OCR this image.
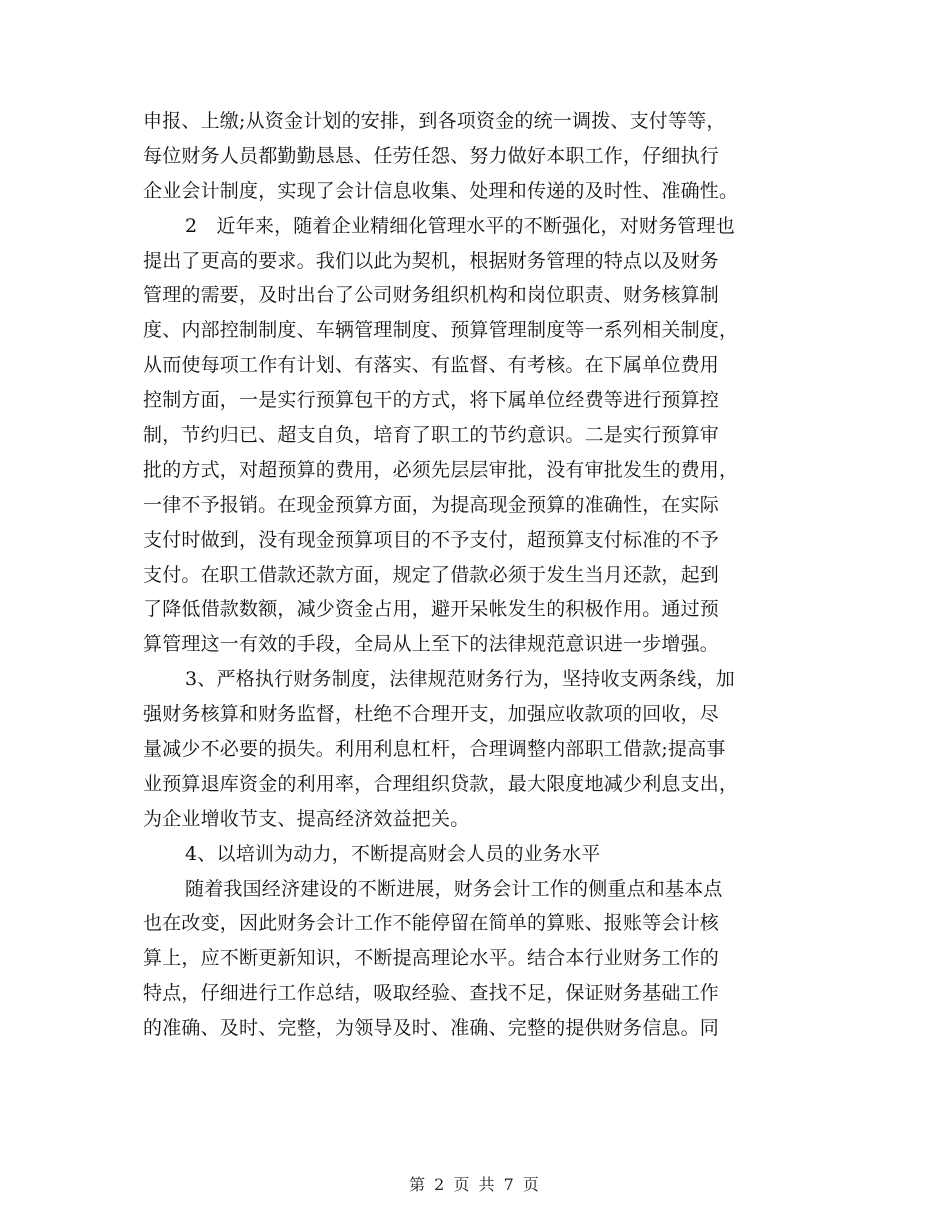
申报、上缴;从资金计划的安排，到各项资金的统一调拨、支付等等，
每位财务人员都勤勤恳恳、任劳任怨、努力做好本职工作，仔细执行
企业会计制度，实现了会计信息收集、处理和传递的及时性、准确性。
2　近年来，随着企业精细化管理水平的不断强化，对财务管理也
提出了更高的要求。我们以此为契机，根据财务管理的特点以及财务
管理的需要，及时出台了公司财务组织机构和岗位职责、财务核算制
度、内部控制制度、车辆管理制度、预算管理制度等一系列相关制度，
从而使每项工作有计划、有落实、有监督、有考核。在下属单位费用
控制方面，一是实行预算包干的方式，将下属单位经费等进行预算控
制，节约归已、超支自负，培育了职工的节约意识。二是实行预算审
批的方式，对超预算的费用，必须先层层审批，没有审批发生的费用，
一律不予报销。在现金预算方面，为提高现金预算的准确性，在实际
支付时做到，没有现金预算项目的不予支付，超预算支付标准的不予
支付。在职工借款还款方面，规定了借款必须于发生当月还款，起到
了降低借款数额，减少资金占用，避开呆帐发生的积极作用。通过预
算管理这一有效的手段，全局从上至下的法律规范意识进一步增强。
3、严格执行财务制度，法律规范财务行为，坚持收支两条线，加
强财务核算和财务监督，杜绝不合理开支，加强应收款项的回收，尽
量减少不必要的损失。利用利息杠杆，合理调整内部职工借款;提高事
业预算退库资金的利用率，合理组织贷款，最大限度地减少利息支出，
为企业增收节支、提高经济效益把关。
4、以培训为动力，不断提高财会人员的业务水平
随着我国经济建设的不断进展，财务会计工作的侧重点和基本点
也在改变，因此财务会计工作不能停留在简单的算账、报账等会计核
算上，应不断更新知识，不断提高理论水平。结合本行业财务工作的
特点，仔细进行工作总结，吸取经验、查找不足，保证财务基础工作
的准确、及时、完整，为领导及时、准确、完整的提供财务信息。同
第 2 页 共 7 页
